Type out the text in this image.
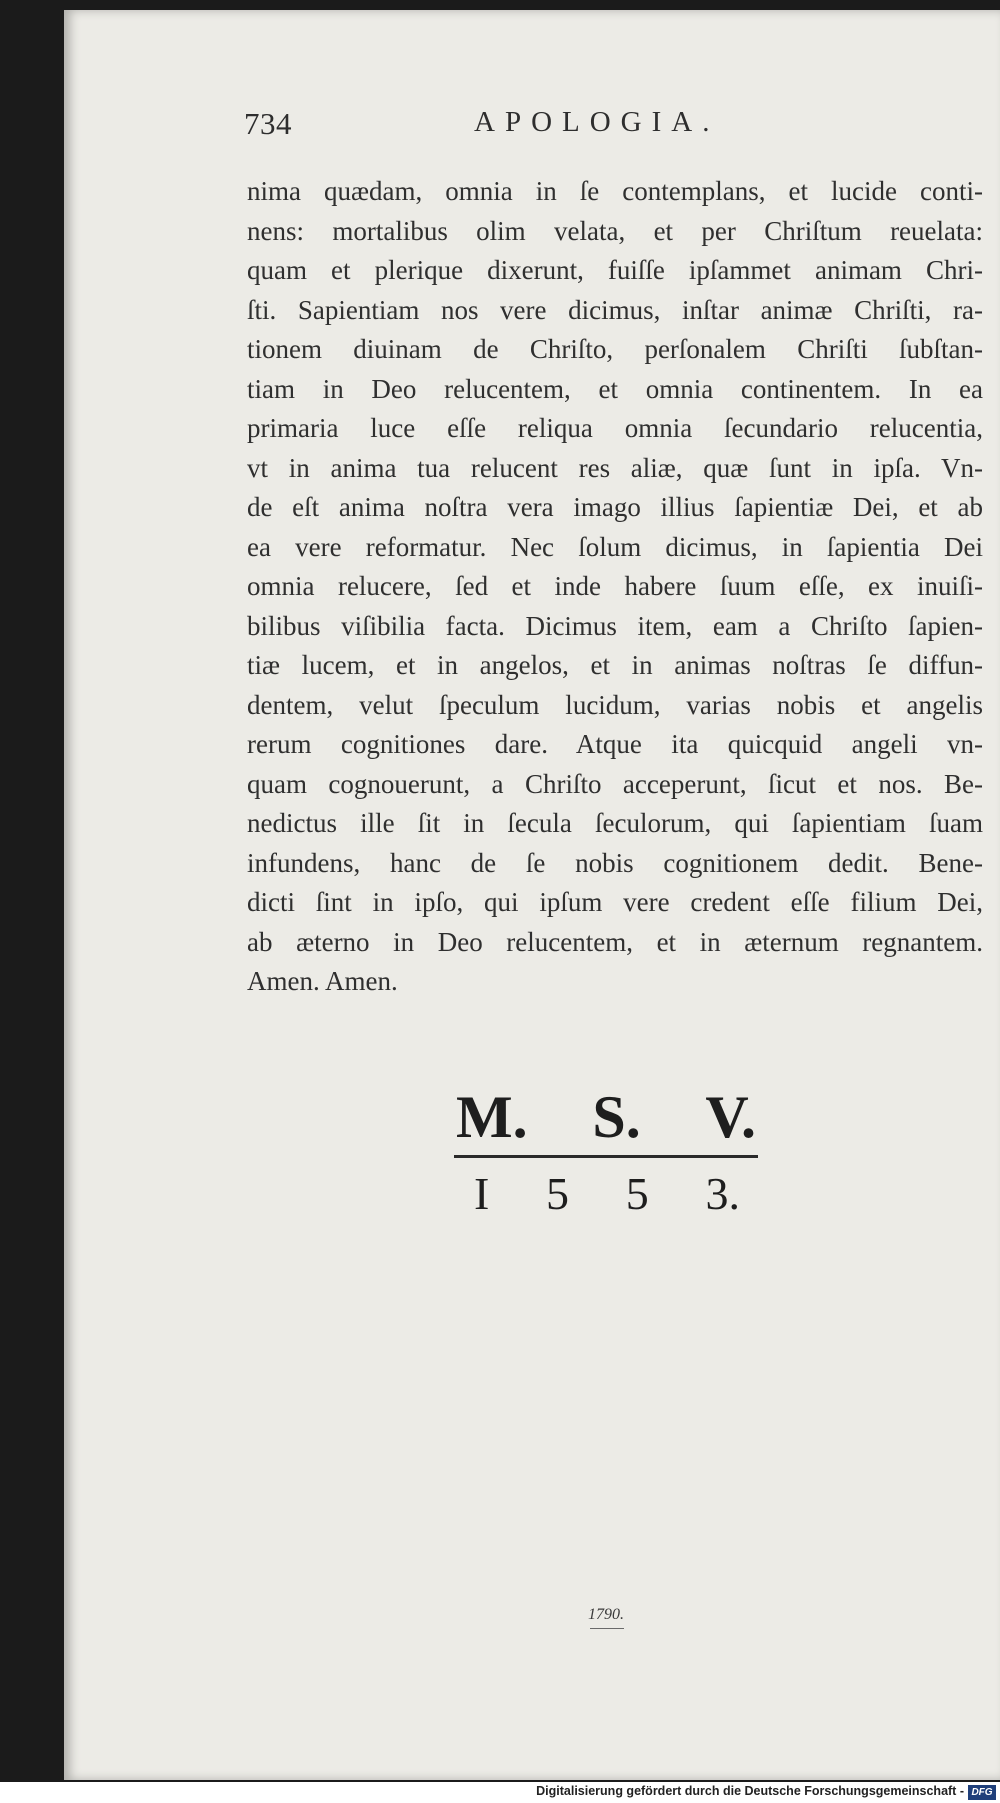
734	APOLOGIA.
nima quædam, omnia in ſe contemplans, et lucide conti-
nens: mortalibus olim velata, et per Chriſtum reuelata:
quam et plerique dixerunt, fuiſſe ipſammet animam Chri-
ſti. Sapientiam nos vere dicimus, inſtar animæ Chriſti, ra-
tionem diuinam de Chriſto, perſonalem Chriſti ſubſtan-
tiam in Deo relucentem, et omnia continentem. In ea
primaria luce eſſe reliqua omnia ſecundario relucentia,
vt in anima tua relucent res aliæ, quæ ſunt in ipſa. Vn-
de eſt anima noſtra vera imago illius ſapientiæ Dei, et ab
ea vere reformatur. Nec ſolum dicimus, in ſapientia Dei
omnia relucere, ſed et inde habere ſuum eſſe, ex inuiſi-
bilibus viſibilia facta. Dicimus item, eam a Chriſto ſapien-
tiæ lucem, et in angelos, et in animas noſtras ſe diffun-
dentem, velut ſpeculum lucidum, varias nobis et angelis
rerum cognitiones dare. Atque ita quicquid angeli vn-
quam cognouerunt, a Chriſto acceperunt, ſicut et nos. Be-
nedictus ille ſit in ſecula ſeculorum, qui ſapientiam ſuam
infundens, hanc de ſe nobis cognitionem dedit. Bene-
dicti ſint in ipſo, qui ipſum vere credent eſſe filium Dei,
ab æterno in Deo relucentem, et in æternum regnantem.
Amen. Amen.
M. S. V.
I 5 5 3.
1790.
Digitalisierung gefördert durch die Deutsche Forschungsgemeinschaft - DFG
